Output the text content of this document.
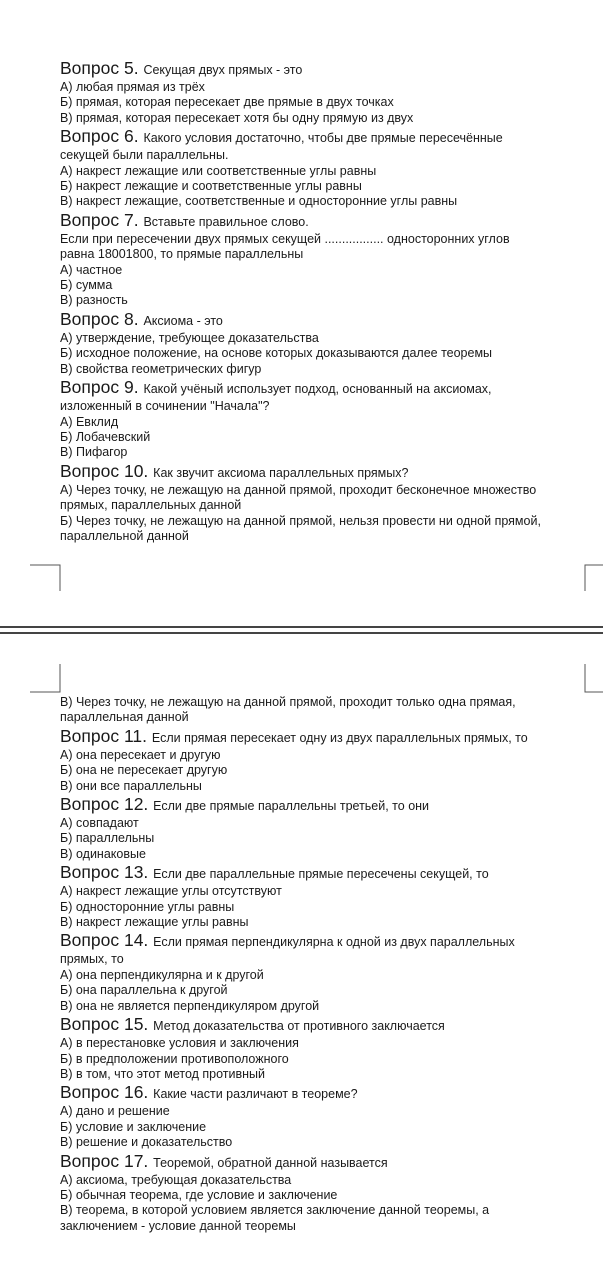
Вопрос 5. Секущая двух прямых - это
А) любая прямая из трёх
Б) прямая, которая пересекает две прямые в двух точках
В) прямая, которая пересекает хотя бы одну прямую из двух
Вопрос 6. Какого условия достаточно, чтобы две прямые пересечённые
секущей были параллельны.
А) накрест лежащие или соответственные углы равны
Б) накрест лежащие и соответственные углы равны
В) накрест лежащие, соответственные и односторонние углы равны
Вопрос 7. Вставьте правильное слово.
Если при пересечении двух прямых секущей ................. односторонних углов
равна 18001800, то прямые параллельны
А) частное
Б) сумма
В) разность
Вопрос 8. Аксиома - это
А) утверждение, требующее доказательства
Б) исходное положение, на основе которых доказываются далее теоремы
В) свойства геометрических фигур
Вопрос 9. Какой учёный использует подход, основанный на аксиомах,
изложенный в сочинении "Начала"?
А) Евклид
Б) Лобачевский
В) Пифагор
Вопрос 10. Как звучит аксиома параллельных прямых?
А) Через точку, не лежащую на данной прямой, проходит бесконечное множество
прямых, параллельных данной
Б) Через точку, не лежащую на данной прямой, нельзя провести ни одной прямой,
параллельной данной
В) Через точку, не лежащую на данной прямой, проходит только одна прямая,
параллельная данной
Вопрос 11. Если прямая пересекает одну из двух параллельных прямых, то
А) она пересекает и другую
Б) она не пересекает другую
В) они все параллельны
Вопрос 12. Если две прямые параллельны третьей, то они
А) совпадают
Б) параллельны
В) одинаковые
Вопрос 13. Если две параллельные прямые пересечены секущей, то
А) накрест лежащие углы отсутствуют
Б) односторонние углы равны
В) накрест лежащие углы равны
Вопрос 14. Если прямая перпендикулярна к одной из двух параллельных
прямых, то
А) она перпендикулярна и к другой
Б) она параллельна к другой
В) она не является перпендикуляром другой
Вопрос 15. Метод доказательства от противного заключается
А) в перестановке условия и заключения
Б) в предположении противоположного
В) в том, что этот метод противный
Вопрос 16. Какие части различают в теореме?
А) дано и решение
Б) условие и заключение
В) решение и доказательство
Вопрос 17. Теоремой, обратной данной называется
А) аксиома, требующая доказательства
Б) обычная теорема, где условие и заключение
В) теорема, в которой условием является заключение данной теоремы, а
заключением - условие данной теоремы
